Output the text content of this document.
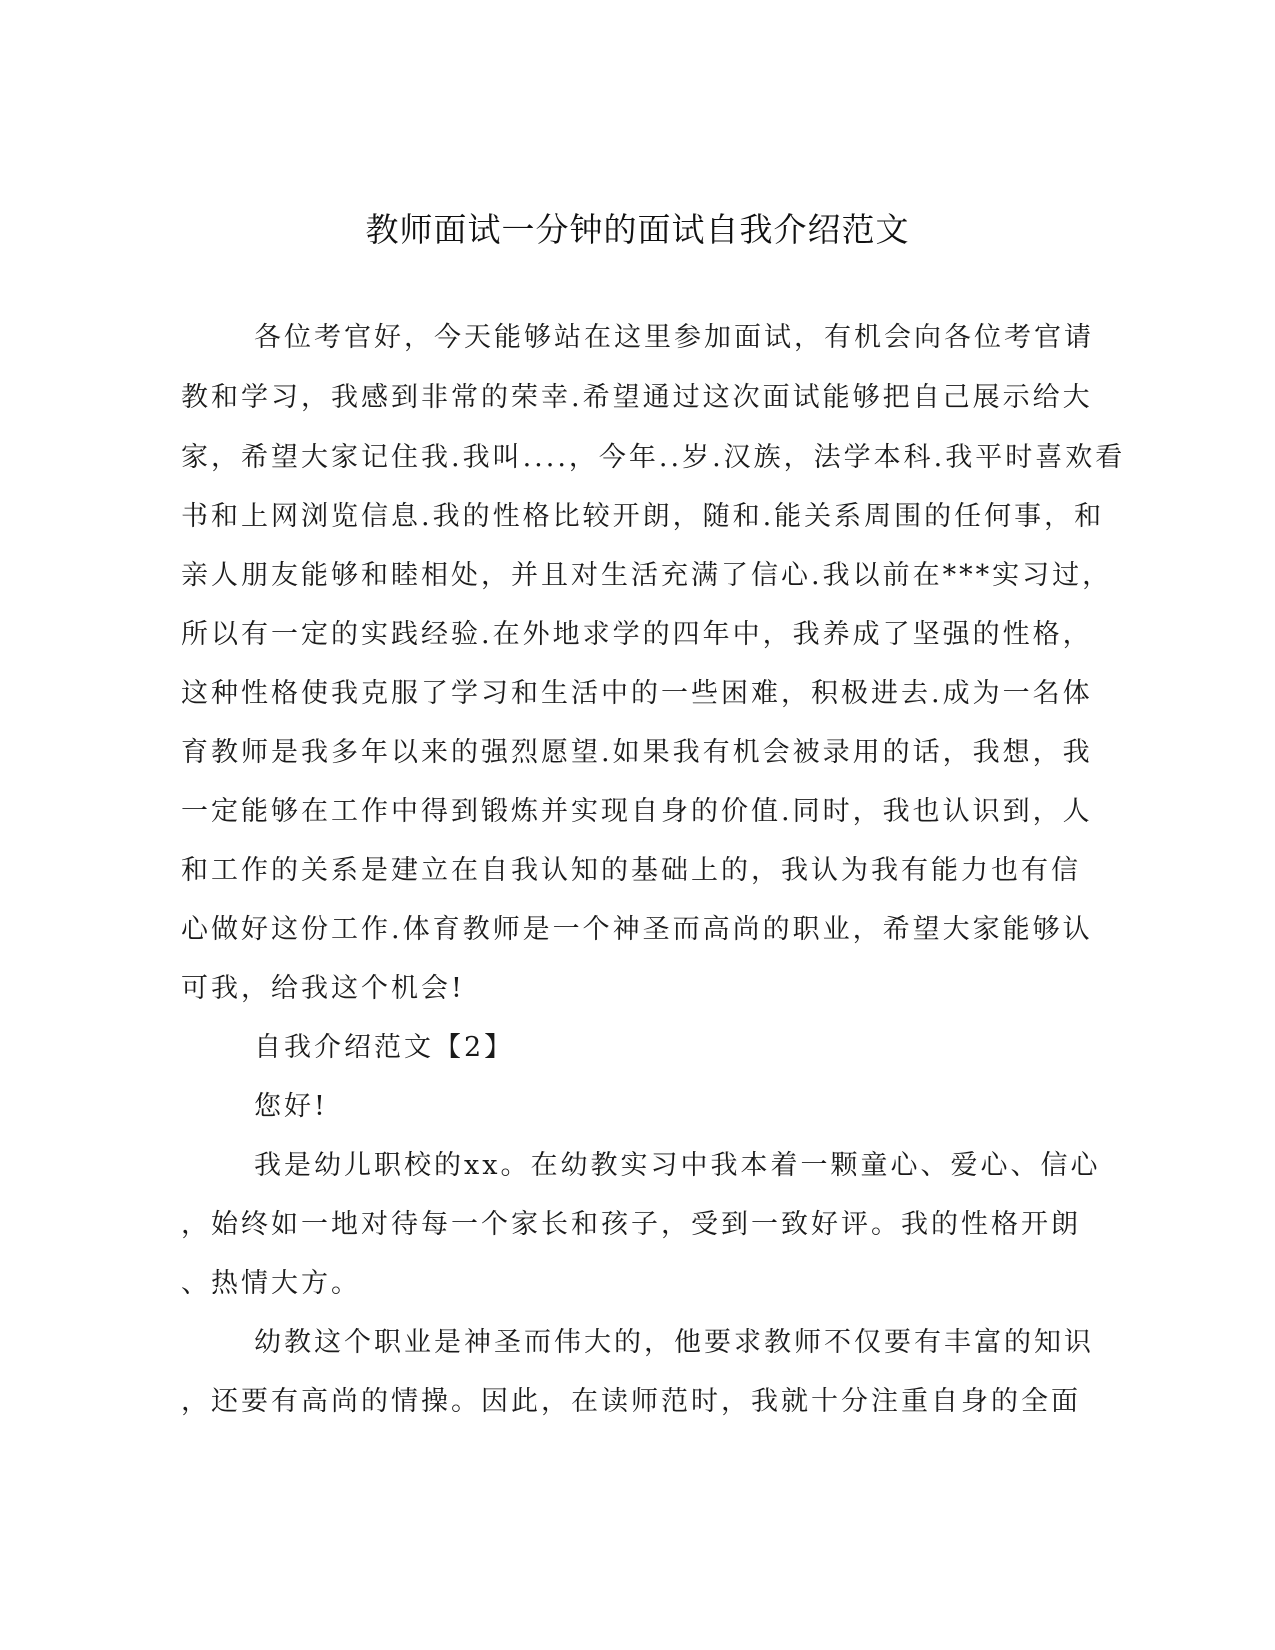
教师面试一分钟的面试自我介绍范文
各位考官好，今天能够站在这里参加面试，有机会向各位考官请
教和学习，我感到非常的荣幸.希望通过这次面试能够把自己展示给大
家，希望大家记住我.我叫....，今年..岁.汉族，法学本科.我平时喜欢看
书和上网浏览信息.我的性格比较开朗，随和.能关系周围的任何事，和
亲人朋友能够和睦相处，并且对生活充满了信心.我以前在***实习过，
所以有一定的实践经验.在外地求学的四年中，我养成了坚强的性格，
这种性格使我克服了学习和生活中的一些困难，积极进去.成为一名体
育教师是我多年以来的强烈愿望.如果我有机会被录用的话，我想，我
一定能够在工作中得到锻炼并实现自身的价值.同时，我也认识到，人
和工作的关系是建立在自我认知的基础上的，我认为我有能力也有信
心做好这份工作.体育教师是一个神圣而高尚的职业，希望大家能够认
可我，给我这个机会!
自我介绍范文【2】
您好!
我是幼儿职校的xx。在幼教实习中我本着一颗童心、爱心、信心
，始终如一地对待每一个家长和孩子，受到一致好评。我的性格开朗
、热情大方。
幼教这个职业是神圣而伟大的，他要求教师不仅要有丰富的知识
，还要有高尚的情操。因此，在读师范时，我就十分注重自身的全面
